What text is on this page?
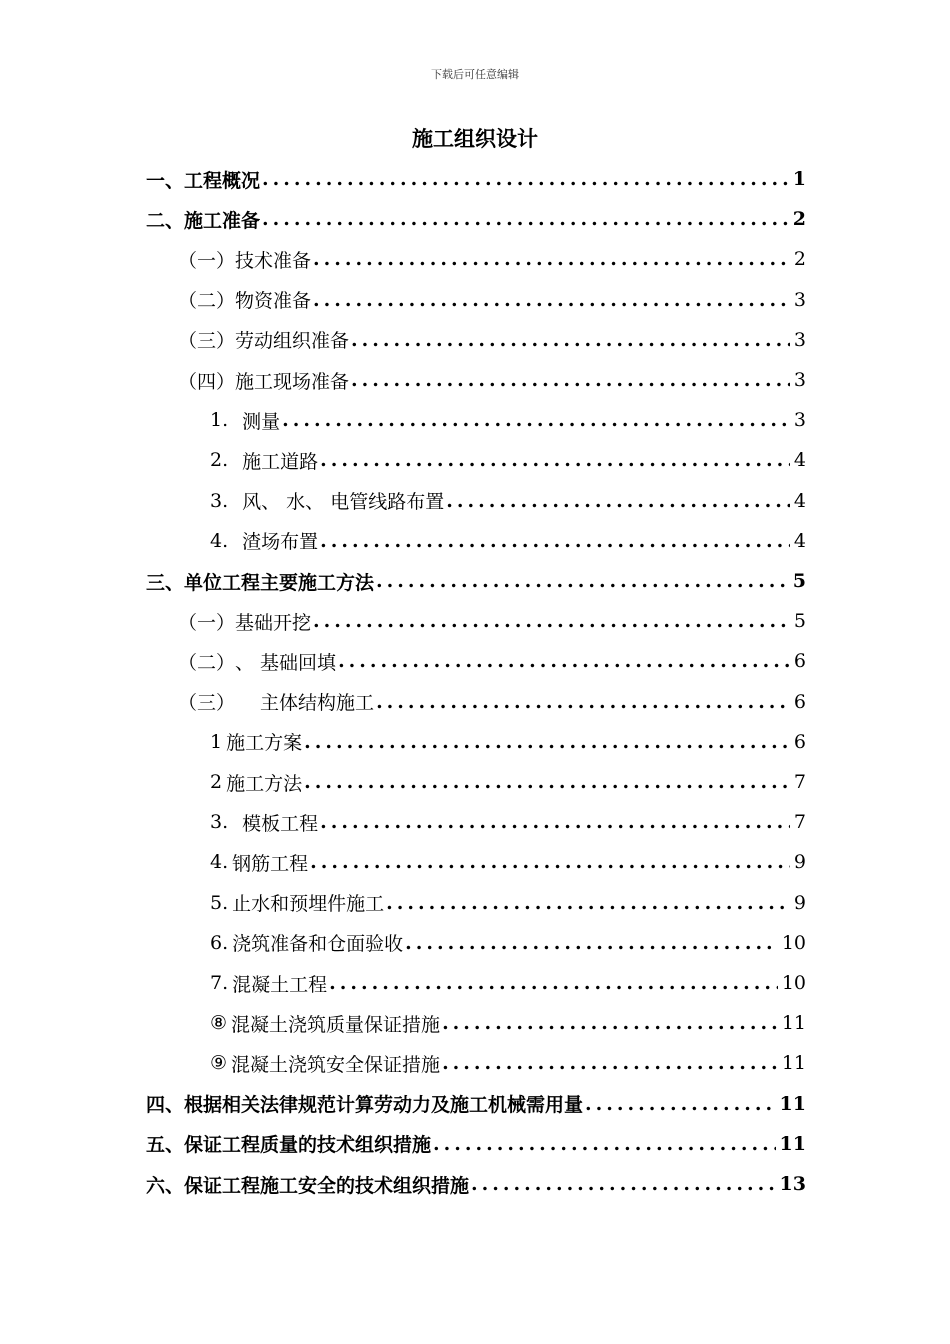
下载后可任意编辑
施工组织设计
一、 工程概况 .....	1
二、 施工准备 .....	2
（一） 技术准备 .....	2
（二） 物资准备 .....	3
（三） 劳动组织准备 .....	3
（四） 施工现场准备 .....	3
1. 测量 .....	3
2. 施工道路 .....	4
3. 风、 水、 电管线路布置 .....	4
4. 渣场布置 .....	4
三、 单位工程主要施工方法 .....	5
（一） 基础开挖 .....	5
（二） 、 基础回填 .....	6
（三） 　 主体结构施工 .....	6
1 施工方案 .....	6
2 施工方法 .....	7
3. 模板工程 .....	7
4. 钢筋工程 .....	9
5. 止水和预埋件施工 .....	9
6. 浇筑准备和仓面验收 .....	10
7. 混凝土工程 .....	10
⑧ 混凝土浇筑质量保证措施 .....	11
⑨ 混凝土浇筑安全保证措施 .....	11
四、 根据相关法律规范计算劳动力及施工机械需用量 .....	11
五、 保证工程质量的技术组织措施 .....	11
六、 保证工程施工安全的技术组织措施 .....	13
